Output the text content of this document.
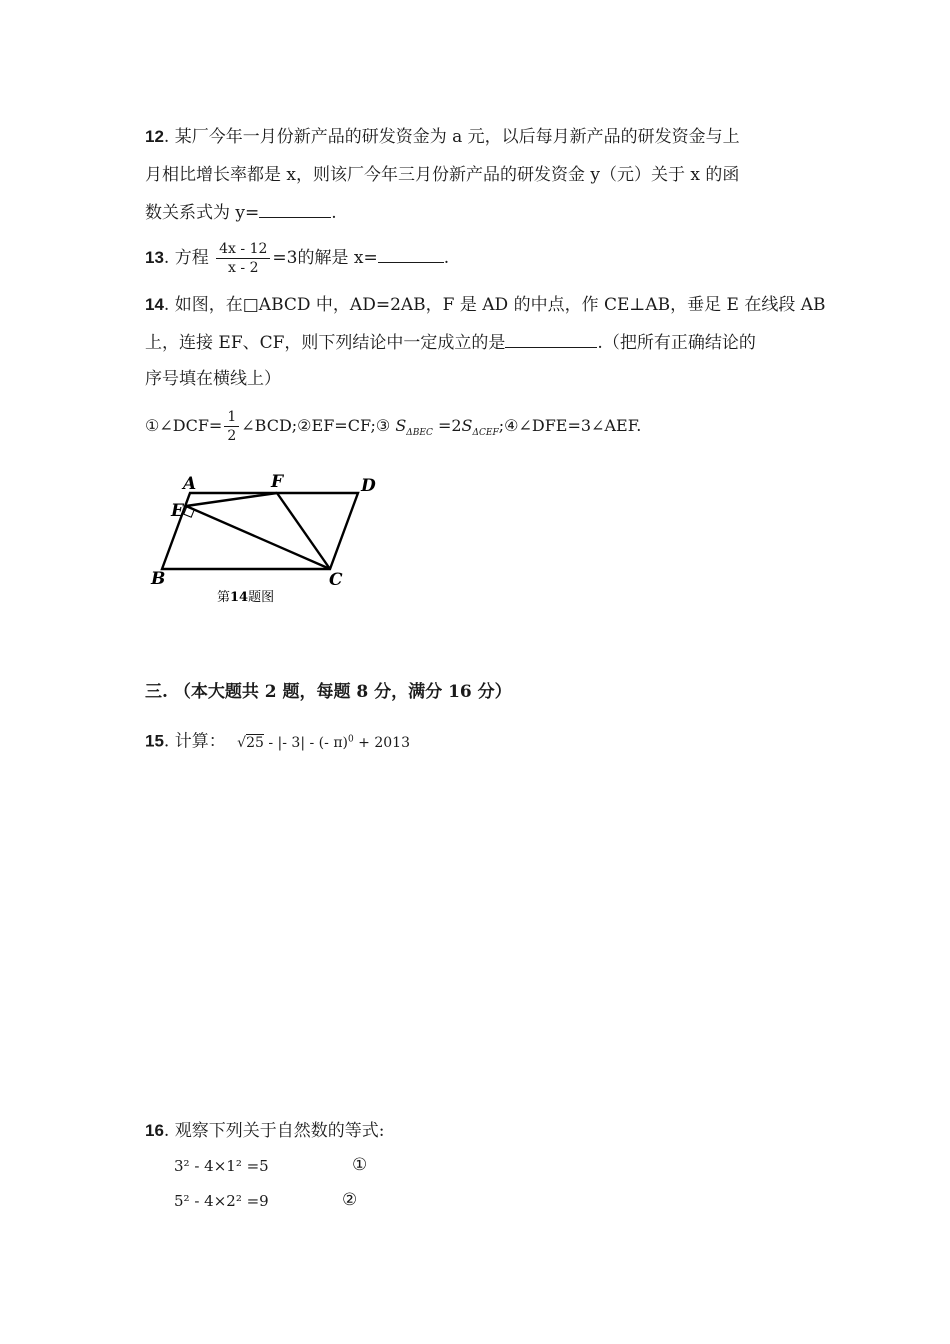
12. 某厂今年一月份新产品的研发资金为 a 元，以后每月新产品的研发资金与上
月相比增长率都是 x，则该厂今年三月份新产品的研发资金 y（元）关于 x 的函
数关系式为 y=	.
13. 方程 $\frac{4x - 12}{x - 2} =3$的解是 x=	.
14. 如图，在□ABCD 中，AD=2AB，F 是 AD 的中点，作 CE⊥AB，垂足 E 在线段 AB
上，连接 EF、CF，则下列结论中一定成立的是	.（把所有正确结论的
序号填在横线上）
①∠DCF= $\frac{1}{2}$ ∠BCD;②EF=CF;③ $S_{\Delta BEC}$ $=2S_{\Delta CEF};④\angle DFE=3\angle AEF$.
A	F	D
E
B	C
第14题图
三. （本大题共 2 题，每题 8 分，满分 16 分）
15. 计算： √25 - |- 3| - (- π)$^0$ + 2013
16. 观察下列关于自然数的等式:
3² - 4×1² =5	①
5² - 4×2² =9	②
